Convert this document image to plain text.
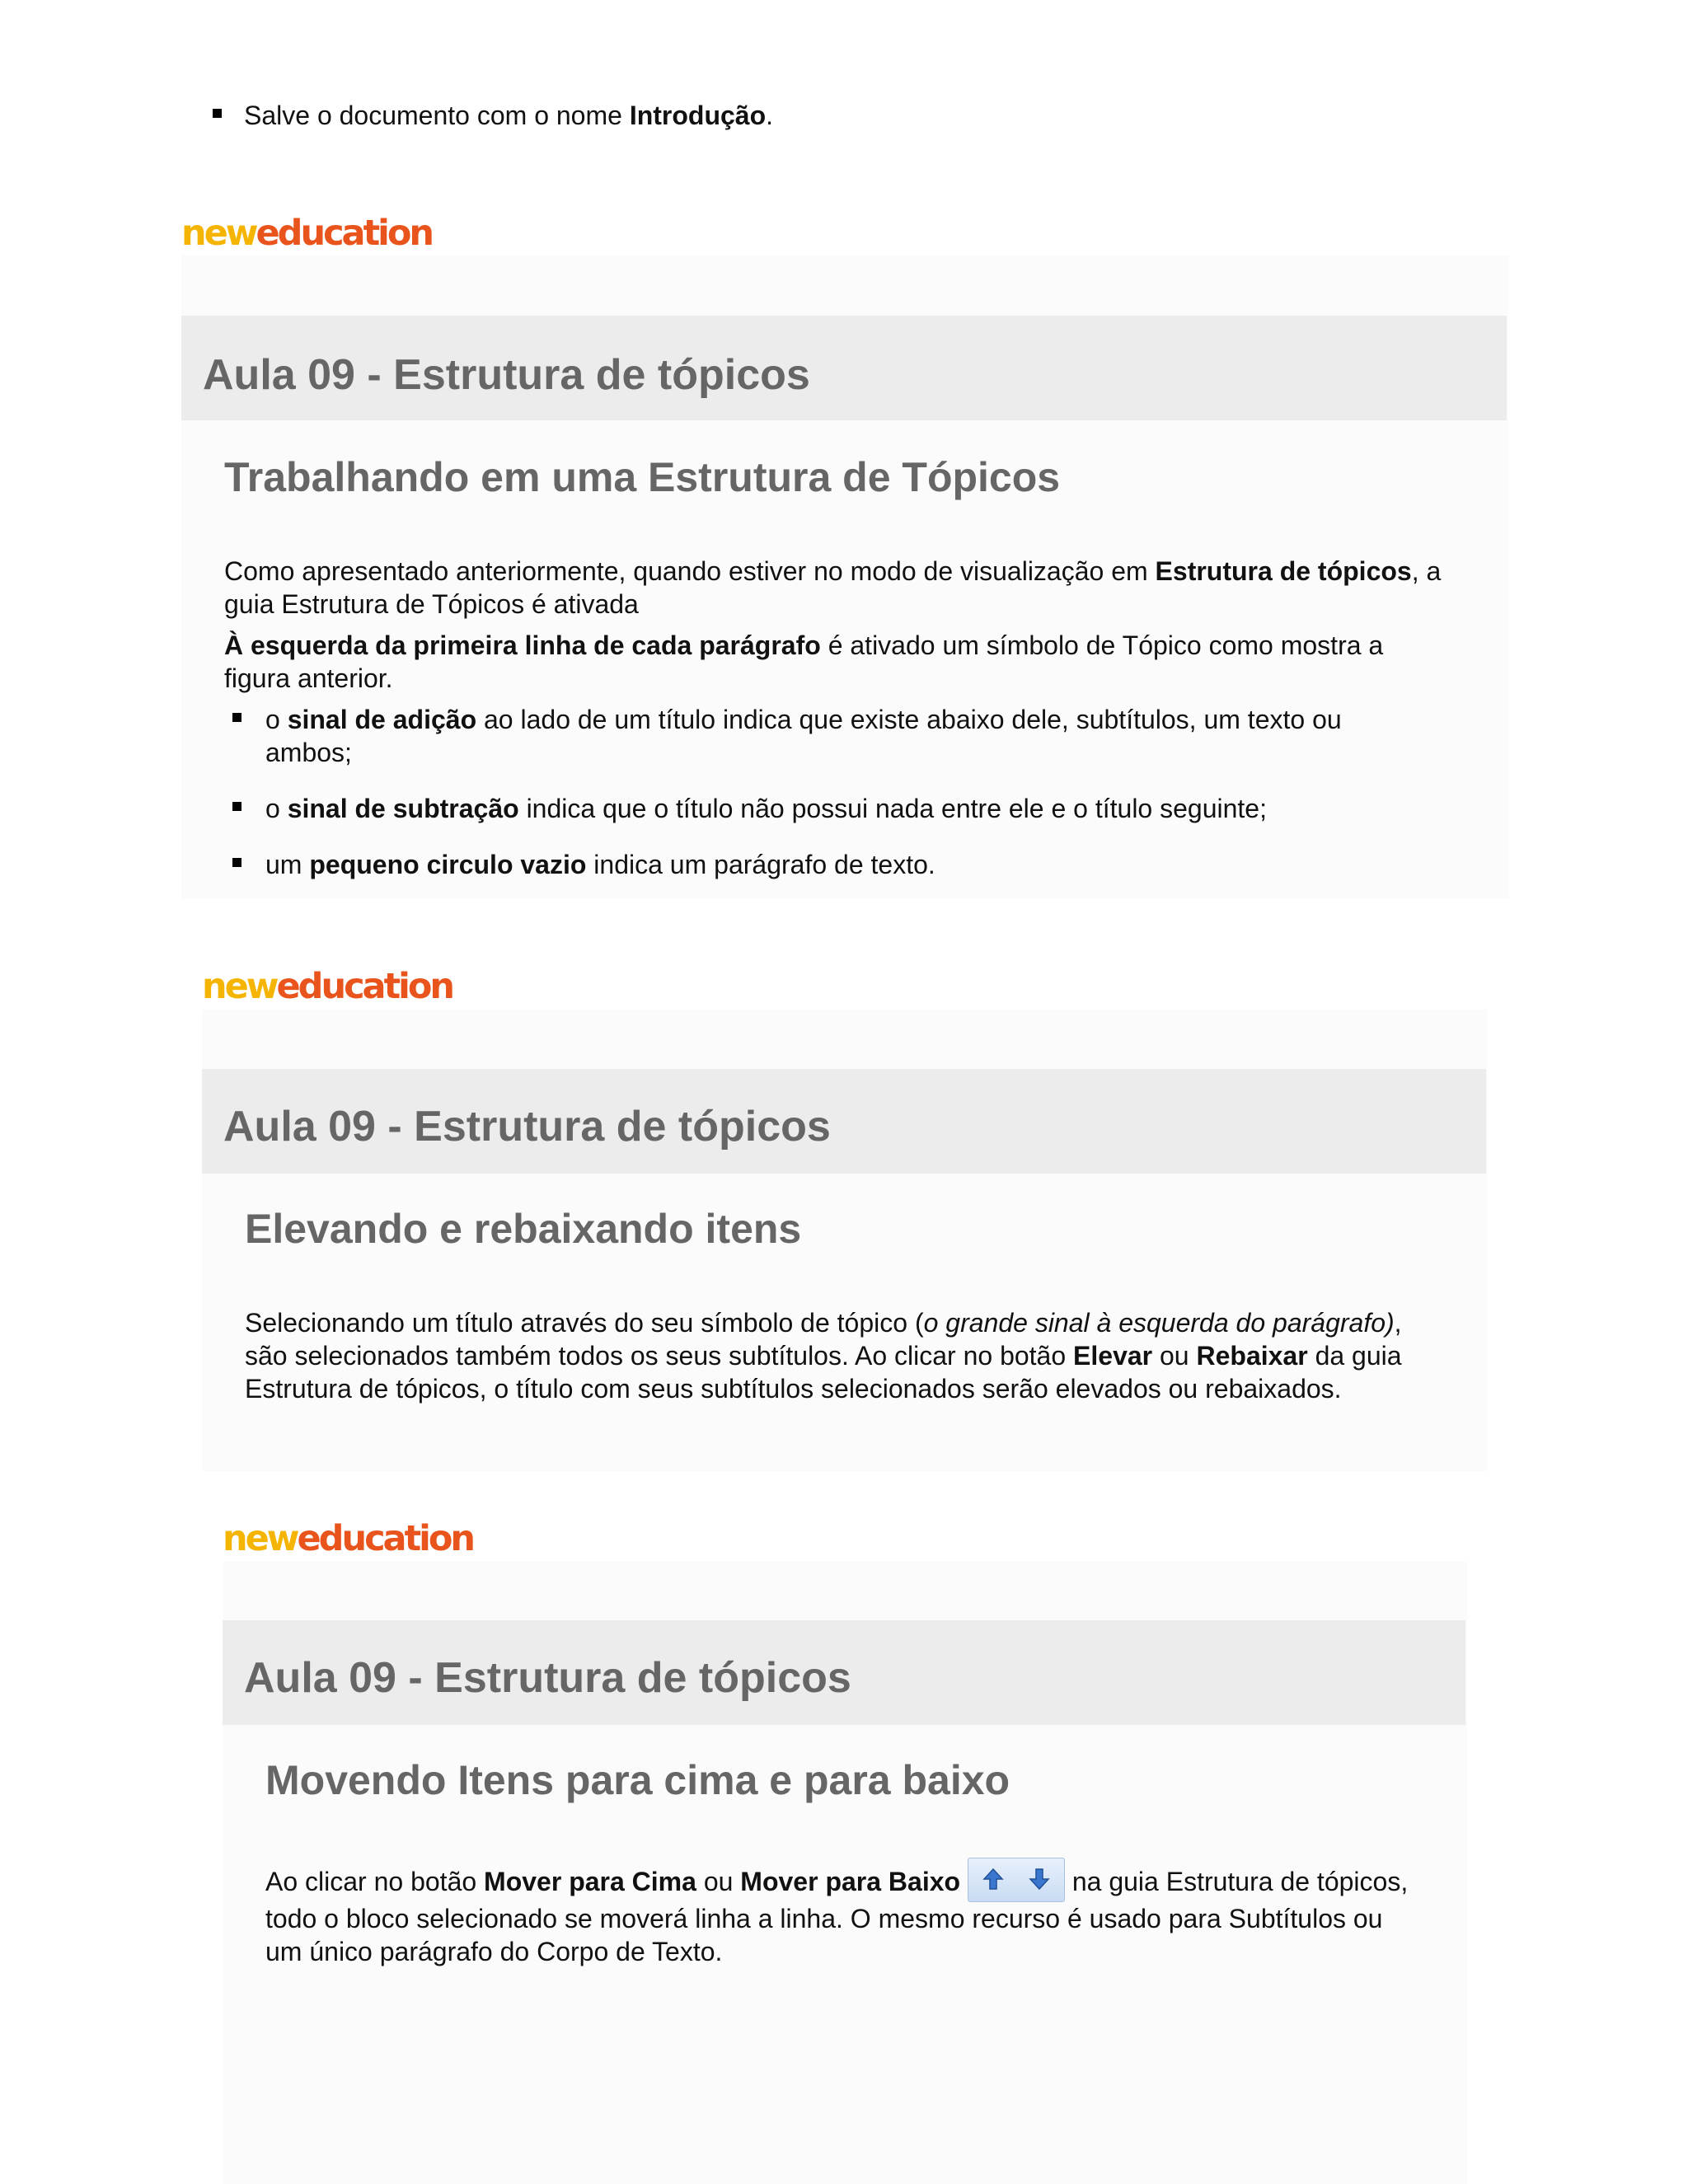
Salve o documento com o nome Introdução.
neweducation
Aula 09 - Estrutura de tópicos
Trabalhando em uma Estrutura de Tópicos

Como apresentado anteriormente, quando estiver no modo de visualização em Estrutura de tópicos, a guia Estrutura de Tópicos é ativada

À esquerda da primeira linha de cada parágrafo é ativado um símbolo de Tópico como mostra a figura anterior.

o sinal de adição ao lado de um título indica que existe abaixo dele, subtítulos, um texto ou ambos;
o sinal de subtração indica que o título não possui nada entre ele e o título seguinte;
um pequeno circulo vazio indica um parágrafo de texto.
neweducation
Aula 09 - Estrutura de tópicos
Elevando e rebaixando itens

Selecionando um título através do seu símbolo de tópico (o grande sinal à esquerda do parágrafo), são selecionados também todos os seus subtítulos. Ao clicar no botão Elevar ou Rebaixar da guia Estrutura de tópicos, o título com seus subtítulos selecionados serão elevados ou rebaixados.

neweducation
Aula 09 - Estrutura de tópicos
Movendo Itens para cima e para baixo

Ao clicar no botão Mover para Cima ou Mover para Baixo	na guia Estrutura de tópicos, todo o bloco selecionado se moverá linha a linha. O mesmo recurso é usado para Subtítulos ou um único parágrafo do Corpo de Texto.
